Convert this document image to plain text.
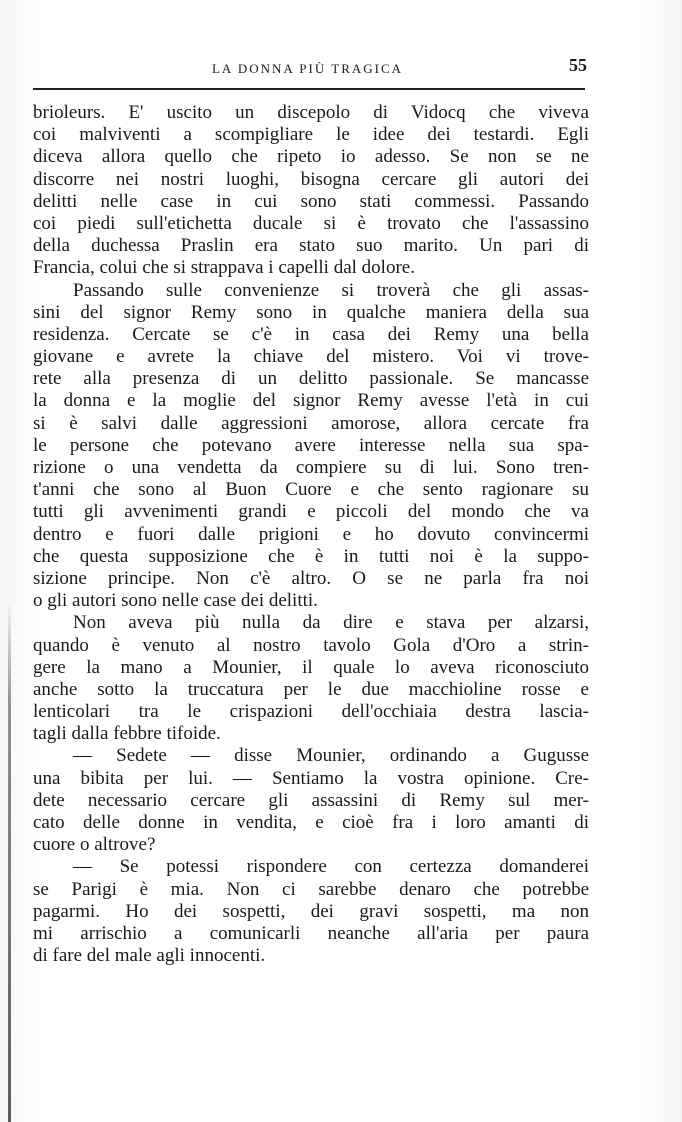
LA DONNA PIÙ TRAGICA	55
brioleurs. E' uscito un discepolo di Vidocq che viveva
coi malviventi a scompigliare le idee dei testardi. Egli
diceva allora quello che ripeto io adesso. Se non se ne
discorre nei nostri luoghi, bisogna cercare gli autori dei
delitti nelle case in cui sono stati commessi. Passando
coi piedi sull'etichetta ducale si è trovato che l'assassino
della duchessa Praslin era stato suo marito. Un pari di
Francia, colui che si strappava i capelli dal dolore.
Passando sulle convenienze si troverà che gli assas-
sini del signor Remy sono in qualche maniera della sua
residenza. Cercate se c'è in casa dei Remy una bella
giovane e avrete la chiave del mistero. Voi vi trove-
rete alla presenza di un delitto passionale. Se mancasse
la donna e la moglie del signor Remy avesse l'età in cui
si è salvi dalle aggressioni amorose, allora cercate fra
le persone che potevano avere interesse nella sua spa-
rizione o una vendetta da compiere su di lui. Sono tren-
t'anni che sono al Buon Cuore e che sento ragionare su
tutti gli avvenimenti grandi e piccoli del mondo che va
dentro e fuori dalle prigioni e ho dovuto convincermi
che questa supposizione che è in tutti noi è la suppo-
sizione principe. Non c'è altro. O se ne parla fra noi
o gli autori sono nelle case dei delitti.
Non aveva più nulla da dire e stava per alzarsi,
quando è venuto al nostro tavolo Gola d'Oro a strin-
gere la mano a Mounier, il quale lo aveva riconosciuto
anche sotto la truccatura per le due macchioline rosse e
lenticolari tra le crispazioni dell'occhiaia destra lascia-
tagli dalla febbre tifoide.
— Sedete — disse Mounier, ordinando a Gugusse
una bibita per lui. — Sentiamo la vostra opinione. Cre-
dete necessario cercare gli assassini di Remy sul mer-
cato delle donne in vendita, e cioè fra i loro amanti di
cuore o altrove?
— Se potessi rispondere con certezza domanderei
se Parigi è mia. Non ci sarebbe denaro che potrebbe
pagarmi. Ho dei sospetti, dei gravi sospetti, ma non
mi arrischio a comunicarli neanche all'aria per paura
di fare del male agli innocenti.
